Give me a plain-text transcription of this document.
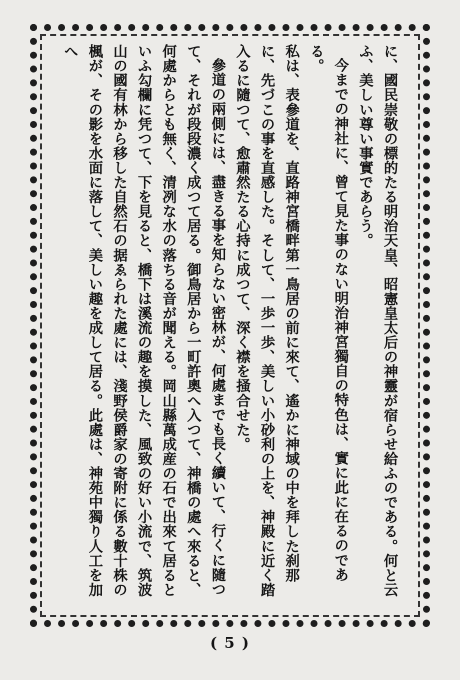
に、國民崇敬の標的たる明治天皇、昭憲皇太后の神靈が宿らせ給ふのである。何と云ふ、美しい尊い事實であらう。

今までの神社に、曾て見た事のない明治神宮獨自の特色は、實に此に在るのである。

私は、表參道を、直路神宮橋畔第一鳥居の前に來て、遙かに神域の中を拜した刹那に、先づこの事を直感した。そして、一歩一歩、美しい小砂利の上を、神殿に近く踏入るに隨つて、愈肅然たる心持に成つて、深く襟を掻合せた。

參道の兩側には、盡きる事を知らない密林が、何處までも長く續いて、行くに隨つて、それが段段濃く成つて居る。御鳥居から一町許奧へ入つて、神橋の處へ來ると、何處からとも無く、清冽な水の落ちる音が聞える。岡山縣萬成産の石で出來て居るといふ勾欄に凭つて、下を見ると、橋下は溪流の趣を摸した、風致の好い小流で、筑波山の國有林から移した自然石の据ゑられた處には、淺野侯爵家の寄附に係る數十株の楓が、その影を水面に落して、美しい趣を成して居る。此處は、神苑中獨り人工を加へ

( 5 )
